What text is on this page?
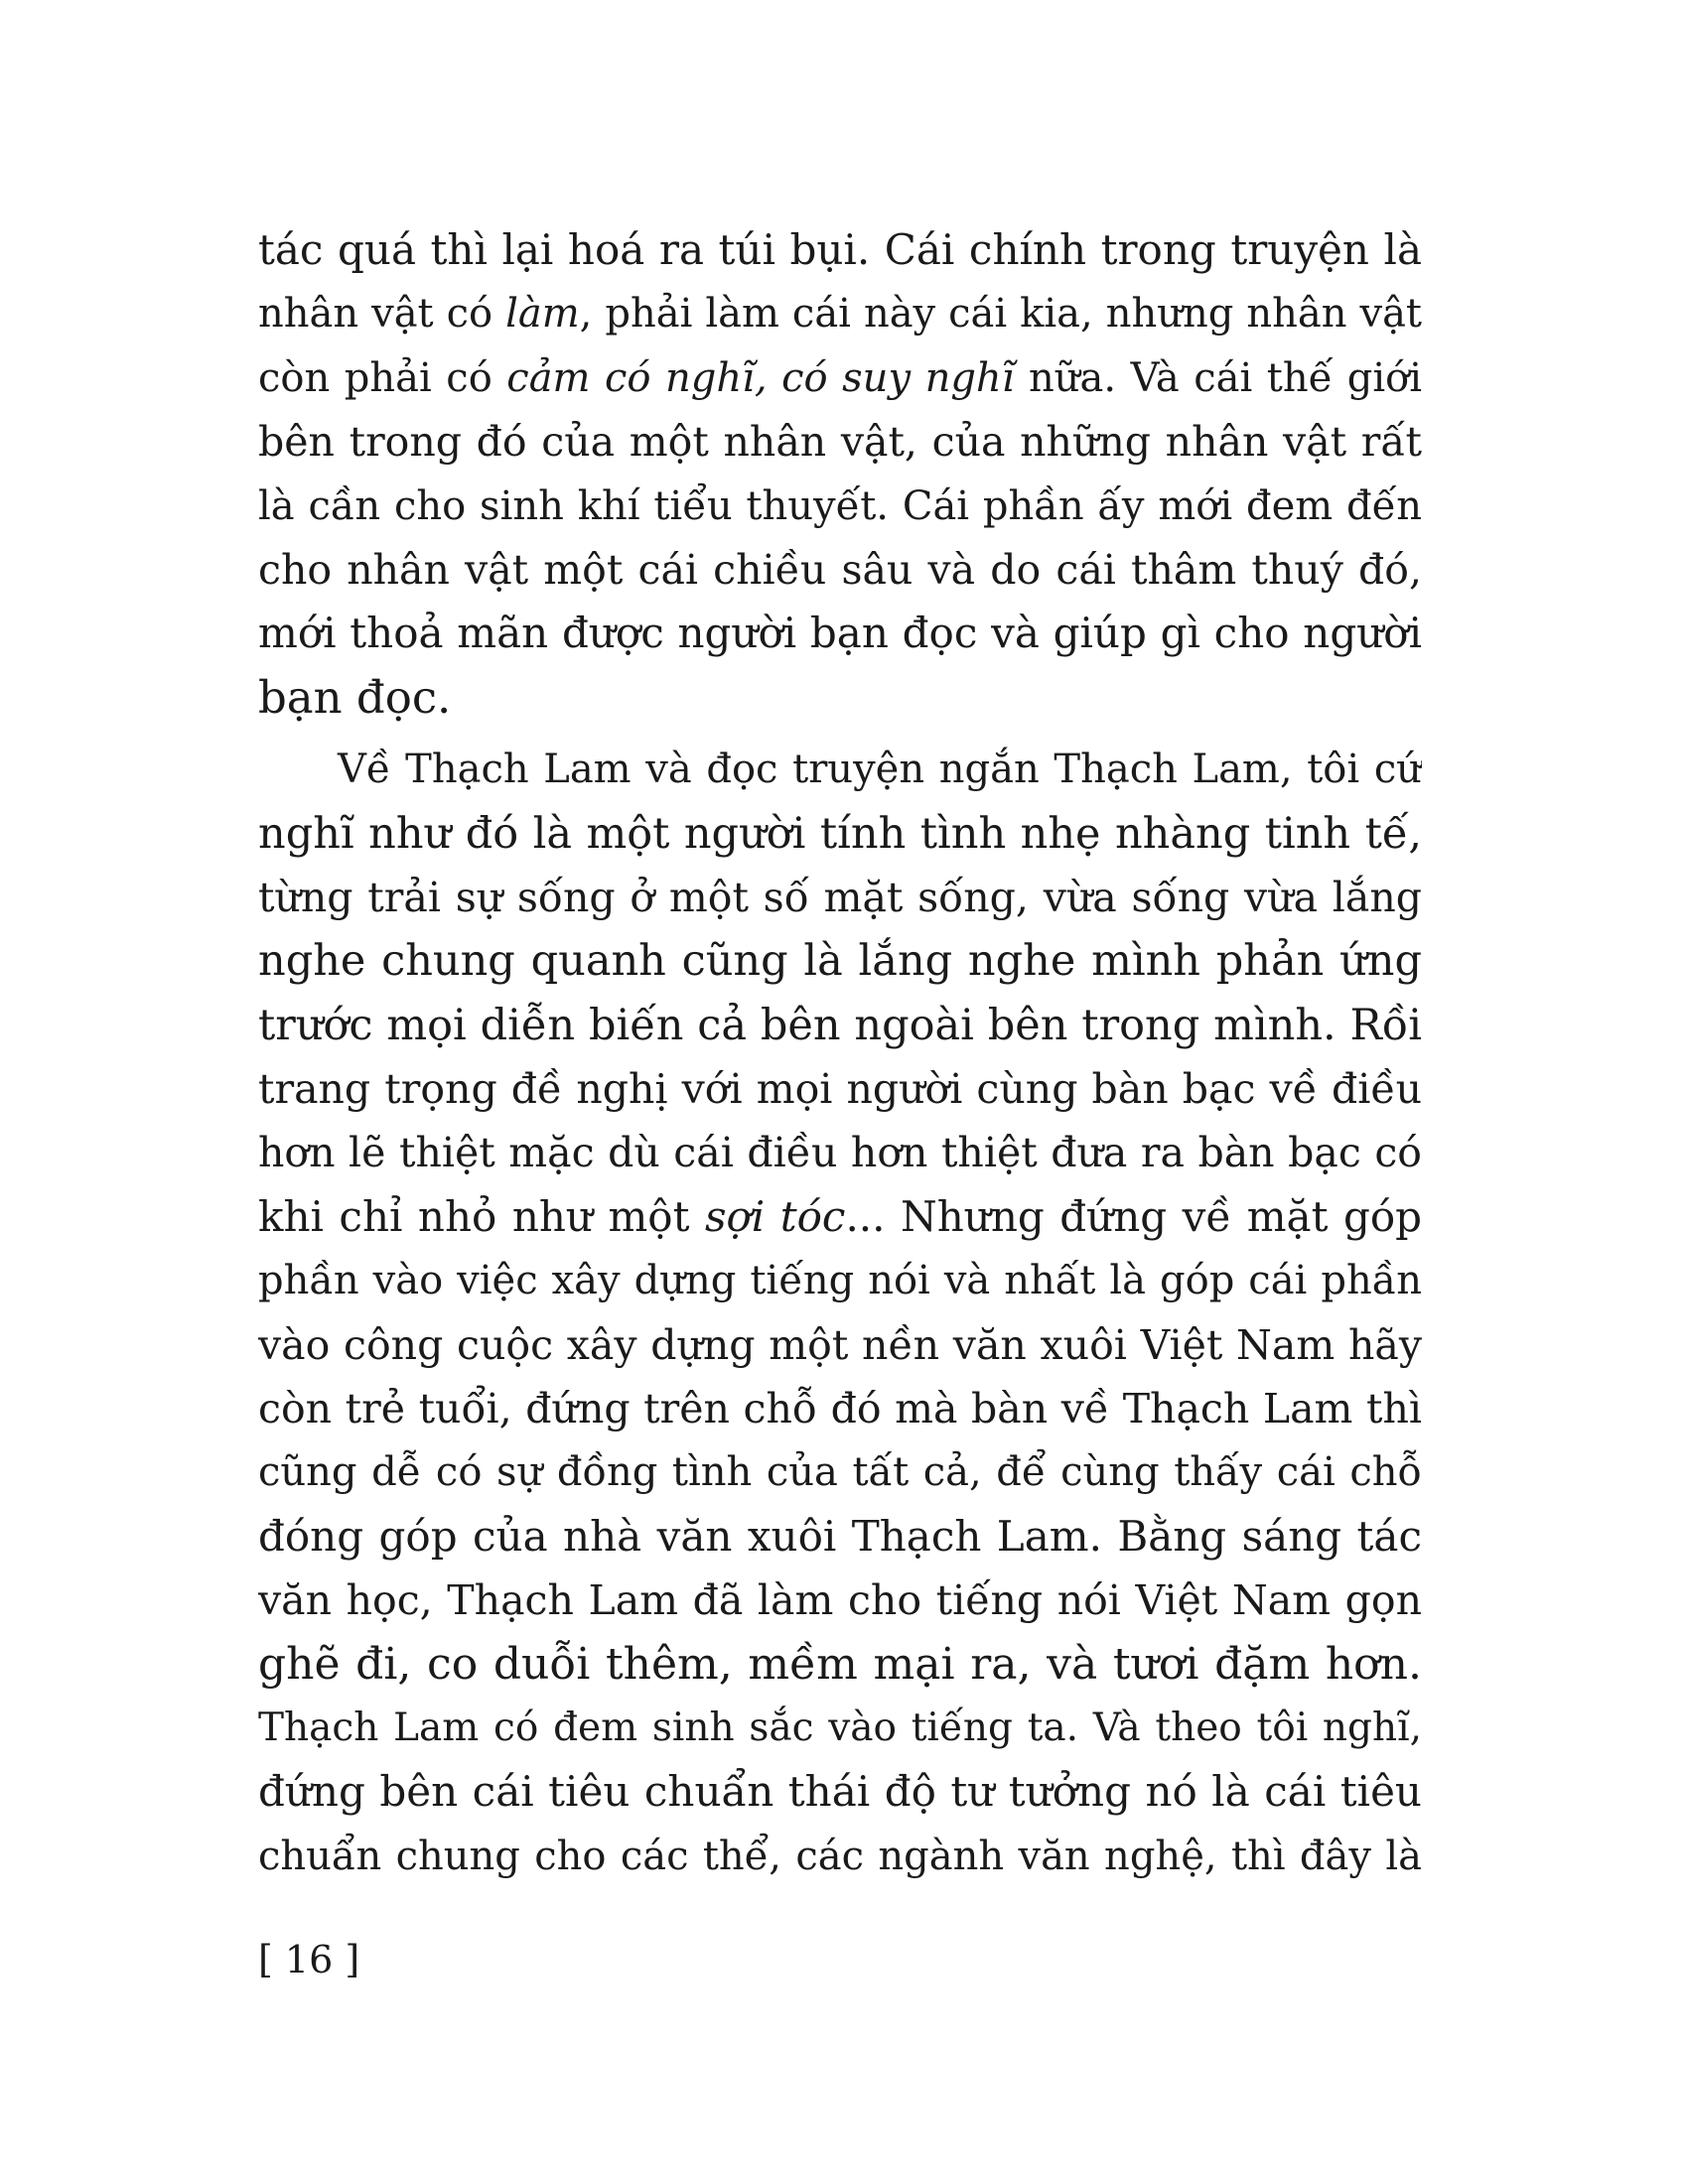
tác quá thì lại hoá ra túi bụi. Cái chính trong truyện là
nhân vật có làm, phải làm cái này cái kia, nhưng nhân vật
còn phải có cảm có nghĩ, có suy nghĩ nữa. Và cái thế giới
bên trong đó của một nhân vật, của những nhân vật rất
là cần cho sinh khí tiểu thuyết. Cái phần ấy mới đem đến
cho nhân vật một cái chiều sâu và do cái thâm thuý đó,
mới thoả mãn được người bạn đọc và giúp gì cho người
bạn đọc.
Về Thạch Lam và đọc truyện ngắn Thạch Lam, tôi cứ
nghĩ như đó là một người tính tình nhẹ nhàng tinh tế,
từng trải sự sống ở một số mặt sống, vừa sống vừa lắng
nghe chung quanh cũng là lắng nghe mình phản ứng
trước mọi diễn biến cả bên ngoài bên trong mình. Rồi
trang trọng đề nghị với mọi người cùng bàn bạc về điều
hơn lẽ thiệt mặc dù cái điều hơn thiệt đưa ra bàn bạc có
khi chỉ nhỏ như một sợi tóc... Nhưng đứng về mặt góp
phần vào việc xây dựng tiếng nói và nhất là góp cái phần
vào công cuộc xây dựng một nền văn xuôi Việt Nam hãy
còn trẻ tuổi, đứng trên chỗ đó mà bàn về Thạch Lam thì
cũng dễ có sự đồng tình của tất cả, để cùng thấy cái chỗ
đóng góp của nhà văn xuôi Thạch Lam. Bằng sáng tác
văn học, Thạch Lam đã làm cho tiếng nói Việt Nam gọn
ghẽ đi, co duỗi thêm, mềm mại ra, và tươi đặm hơn.
Thạch Lam có đem sinh sắc vào tiếng ta. Và theo tôi nghĩ,
đứng bên cái tiêu chuẩn thái độ tư tưởng nó là cái tiêu
chuẩn chung cho các thể, các ngành văn nghệ, thì đây là
[ 16 ]
